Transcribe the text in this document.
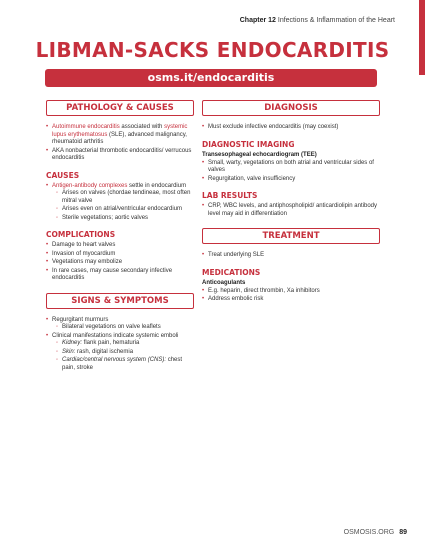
Chapter 12 Infections & Inflammation of the Heart
LIBMAN-SACKS ENDOCARDITIS
osms.it/endocarditis
PATHOLOGY & CAUSES
• Autoimmune endocarditis associated with systemic lupus erythematosus (SLE), advanced malignancy, rheumatoid arthritis
• AKA nonbacterial thrombotic endocarditis/ verrucous endocarditis
CAUSES
• Antigen-antibody complexes settle in endocardium
◦ Arises on valves (chordae tendineae, most often mitral valve
◦ Arises even on atrial/ventricular endocardium
◦ Sterile vegetations; aortic valves
COMPLICATIONS
• Damage to heart valves
• Invasion of myocardium
• Vegetations may embolize
• In rare cases, may cause secondary infective endocarditis
SIGNS & SYMPTOMS
• Regurgitant murmurs
◦ Bilateral vegetations on valve leaflets
• Clinical manifestations indicate systemic emboli
◦ Kidney: flank pain, hematuria
◦ Skin: rash, digital ischemia
◦ Cardiac/central nervous system (CNS): chest pain, stroke
DIAGNOSIS
• Must exclude infective endocarditis (may coexist)
DIAGNOSTIC IMAGING
Transesophageal echocardiogram (TEE)
• Small, warty, vegetations on both atrial and ventricular sides of valves
• Regurgitation, valve insufficiency
LAB RESULTS
• CRP, WBC levels, and antiphospholipid/ anticardiolipin antibody level may aid in differentiation
TREATMENT
• Treat underlying SLE
MEDICATIONS
Anticoagulants
• E.g. heparin, direct thrombin, Xa inhibitors
• Address embolic risk
OSMOSIS.ORG 89
